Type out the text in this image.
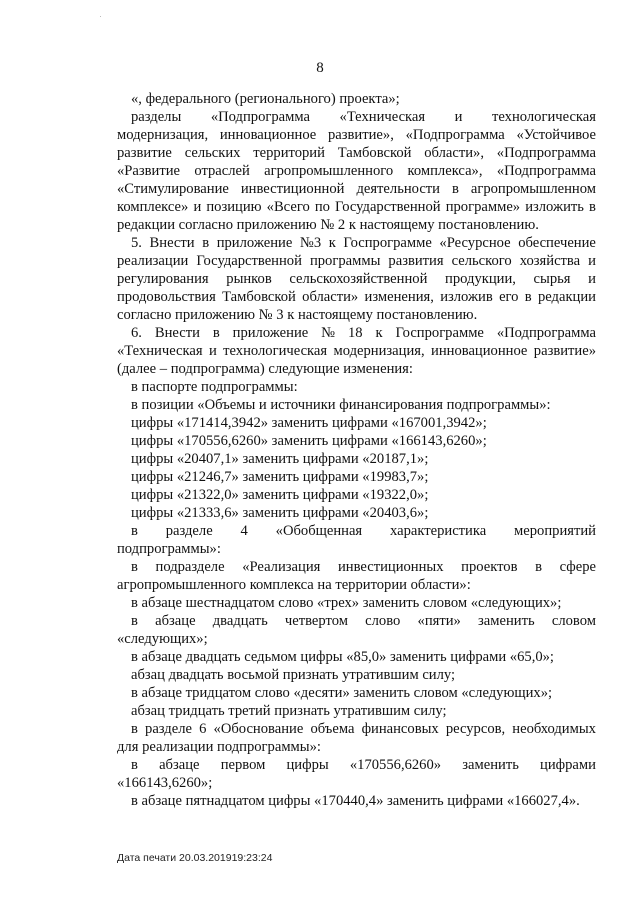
8
«, федерального (регионального) проекта»;
разделы «Подпрограмма «Техническая и технологическая
модернизация, инновационное развитие», «Подпрограмма «Устойчивое
развитие сельских территорий Тамбовской области», «Подпрограмма
«Развитие отраслей агропромышленного комплекса», «Подпрограмма
«Стимулирование инвестиционной деятельности в агропромышленном
комплексе» и позицию «Всего по Государственной программе» изложить в
редакции согласно приложению № 2 к настоящему постановлению.
5. Внести в приложение №3 к Госпрограмме «Ресурсное обеспечение
реализации Государственной программы развития сельского хозяйства и
регулирования рынков сельскохозяйственной продукции, сырья и
продовольствия Тамбовской области» изменения, изложив его в редакции
согласно приложению № 3 к настоящему постановлению.
6. Внести в приложение № 18 к Госпрограмме «Подпрограмма
«Техническая и технологическая модернизация, инновационное развитие»
(далее – подпрограмма) следующие изменения:
в паспорте подпрограммы:
в позиции «Объемы и источники финансирования подпрограммы»:
цифры «171414,3942» заменить цифрами «167001,3942»;
цифры «170556,6260» заменить цифрами «166143,6260»;
цифры «20407,1» заменить цифрами «20187,1»;
цифры «21246,7» заменить цифрами «19983,7»;
цифры «21322,0» заменить цифрами «19322,0»;
цифры «21333,6» заменить цифрами «20403,6»;
в разделе 4 «Обобщенная характеристика мероприятий
подпрограммы»:
в подразделе «Реализация инвестиционных проектов в сфере
агропромышленного комплекса на территории области»:
в абзаце шестнадцатом слово «трех» заменить словом «следующих»;
в абзаце двадцать четвертом слово «пяти» заменить словом
«следующих»;
в абзаце двадцать седьмом цифры «85,0» заменить цифрами «65,0»;
абзац двадцать восьмой признать утратившим силу;
в абзаце тридцатом слово «десяти» заменить словом «следующих»;
абзац тридцать третий признать утратившим силу;
в разделе 6 «Обоснование объема финансовых ресурсов, необходимых
для реализации подпрограммы»:
в абзаце первом цифры «170556,6260» заменить цифрами
«166143,6260»;
в абзаце пятнадцатом цифры «170440,4» заменить цифрами «166027,4».
Дата печати 20.03.201919:23:24
